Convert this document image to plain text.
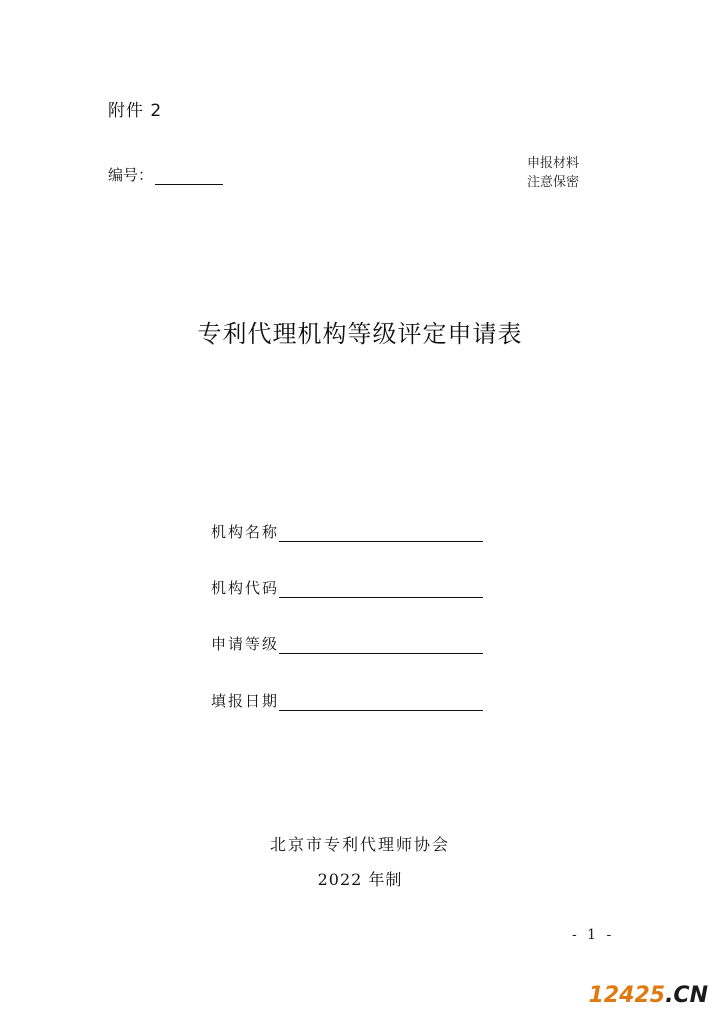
附件 2
编号：
申报材料
注意保密
专利代理机构等级评定申请表
机构名称
机构代码
申请等级
填报日期
北京市专利代理师协会
2022 年制
- 1 -
12425.CN
